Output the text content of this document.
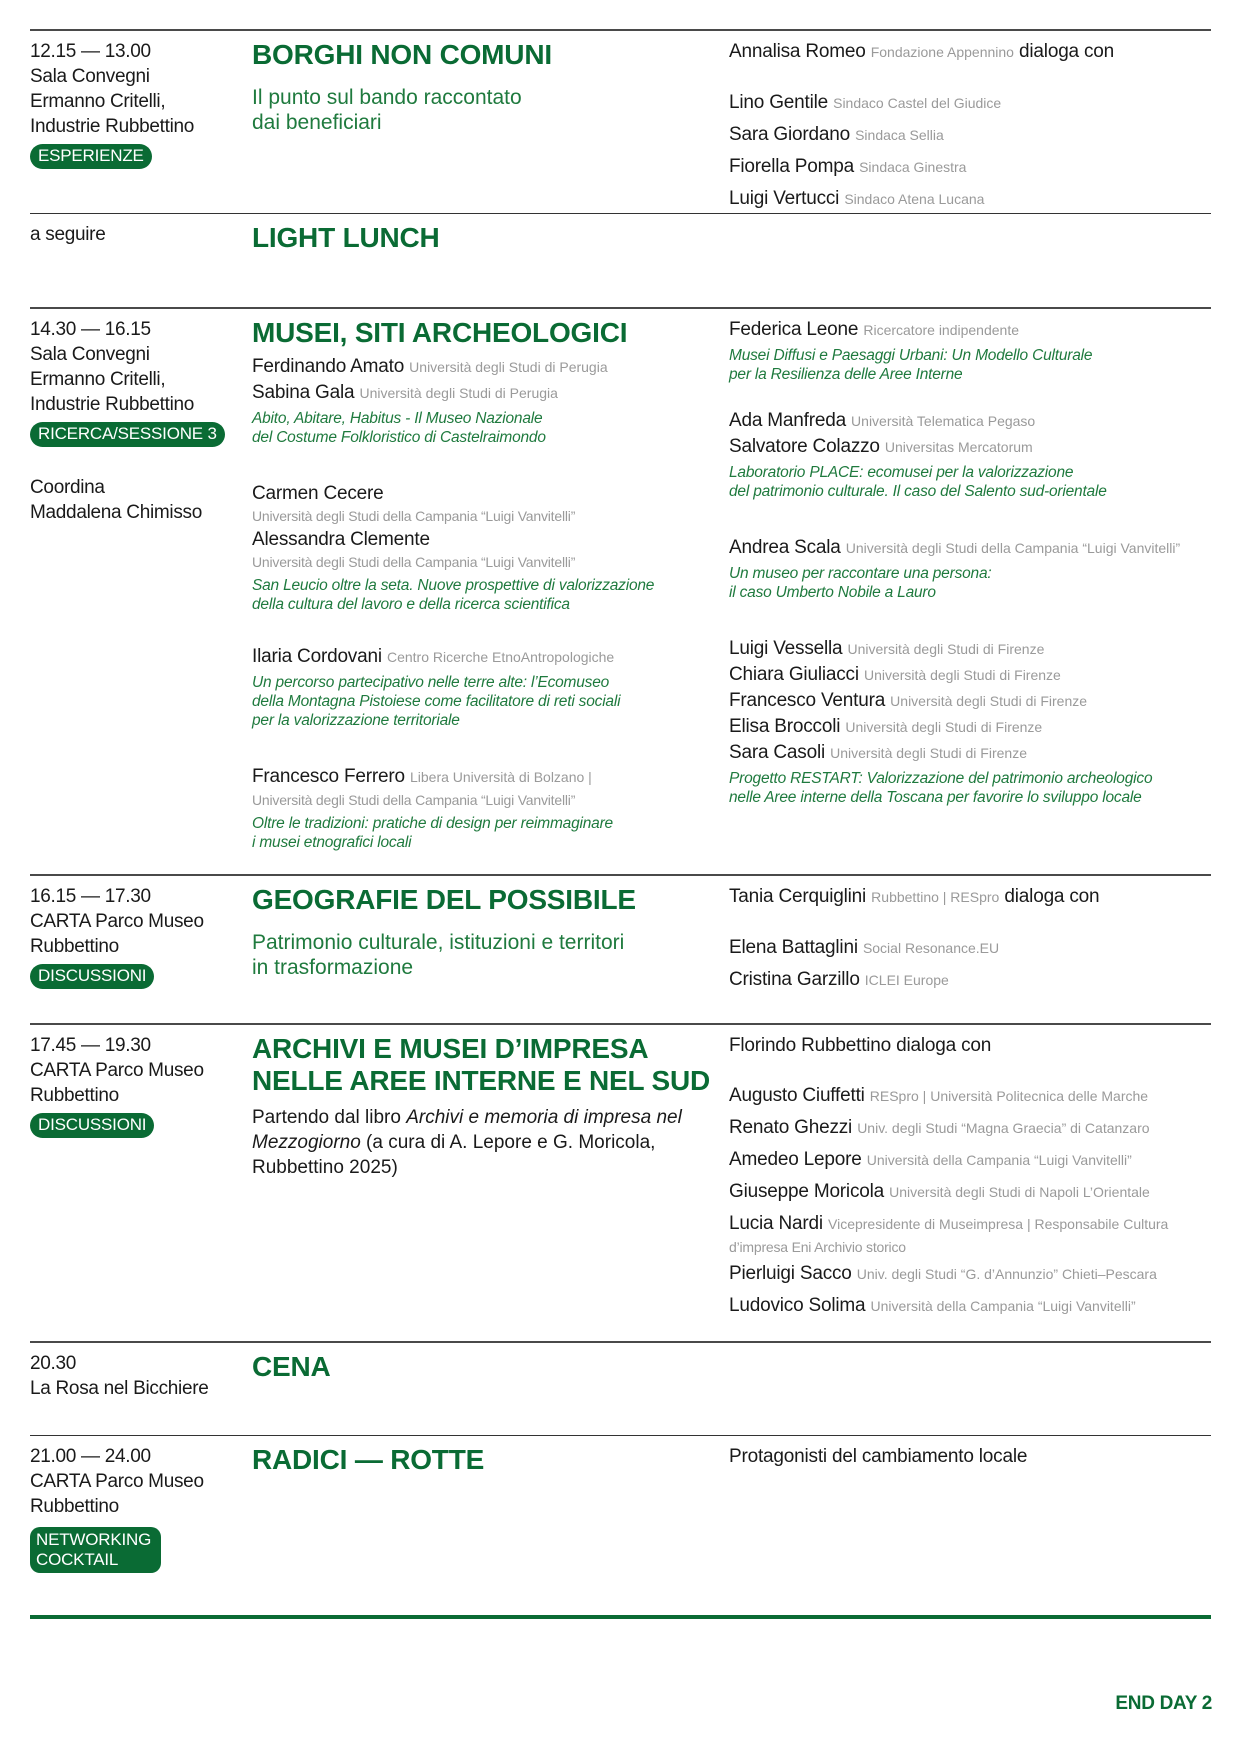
12.15 — 13.00
Sala Convegni
Ermanno Critelli,
Industrie Rubbettino
ESPERIENZE
BORGHI NON COMUNI
Il punto sul bando raccontato
dai beneficiari
Annalisa Romeo Fondazione Appennino dialoga con
Lino Gentile Sindaco Castel del Giudice
Sara Giordano Sindaca Sellia
Fiorella Pompa Sindaca Ginestra
Luigi Vertucci Sindaco Atena Lucana
a seguire	LIGHT LUNCH
14.30 — 16.15
Sala Convegni
Ermanno Critelli,
Industrie Rubbettino
RICERCA/SESSIONE 3
Coordina
Maddalena Chimisso
MUSEI, SITI ARCHEOLOGICI
Ferdinando Amato Università degli Studi di Perugia
Sabina Gala Università degli Studi di Perugia
Abito, Abitare, Habitus - Il Museo Nazionale
del Costume Folkloristico di Castelraimondo
Carmen Cecere
Università degli Studi della Campania “Luigi Vanvitelli”
Alessandra Clemente
Università degli Studi della Campania “Luigi Vanvitelli”
San Leucio oltre la seta. Nuove prospettive di valorizzazione
della cultura del lavoro e della ricerca scientifica
Ilaria Cordovani Centro Ricerche EtnoAntropologiche
Un percorso partecipativo nelle terre alte: l’Ecomuseo
della Montagna Pistoiese come facilitatore di reti sociali
per la valorizzazione territoriale
Francesco Ferrero Libera Università di Bolzano |
Università degli Studi della Campania “Luigi Vanvitelli”
Oltre le tradizioni: pratiche di design per reimmaginare
i musei etnografici locali
Federica Leone Ricercatore indipendente
Musei Diffusi e Paesaggi Urbani: Un Modello Culturale
per la Resilienza delle Aree Interne
Ada Manfreda Università Telematica Pegaso
Salvatore Colazzo Universitas Mercatorum
Laboratorio PLACE: ecomusei per la valorizzazione
del patrimonio culturale. Il caso del Salento sud-orientale
Andrea Scala Università degli Studi della Campania “Luigi Vanvitelli”
Un museo per raccontare una persona:
il caso Umberto Nobile a Lauro
Luigi Vessella Università degli Studi di Firenze
Chiara Giuliacci Università degli Studi di Firenze
Francesco Ventura Università degli Studi di Firenze
Elisa Broccoli Università degli Studi di Firenze
Sara Casoli Università degli Studi di Firenze
Progetto RESTART: Valorizzazione del patrimonio archeologico
nelle Aree interne della Toscana per favorire lo sviluppo locale
16.15 — 17.30
CARTA Parco Museo
Rubbettino
DISCUSSIONI
GEOGRAFIE DEL POSSIBILE
Patrimonio culturale, istituzioni e territori
in trasformazione
Tania Cerquiglini Rubbettino | RESpro dialoga con
Elena Battaglini Social Resonance.EU
Cristina Garzillo ICLEI Europe
17.45 — 19.30
CARTA Parco Museo
Rubbettino
DISCUSSIONI
ARCHIVI E MUSEI D’IMPRESA
NELLE AREE INTERNE E NEL SUD
Partendo dal libro Archivi e memoria di impresa nel Mezzogiorno (a cura di A. Lepore e G. Moricola, Rubbettino 2025)
Florindo Rubbettino dialoga con
Augusto Ciuffetti RESpro | Università Politecnica delle Marche
Renato Ghezzi Univ. degli Studi “Magna Graecia” di Catanzaro
Amedeo Lepore Università della Campania “Luigi Vanvitelli”
Giuseppe Moricola Università degli Studi di Napoli L’Orientale
Lucia Nardi Vicepresidente di Museimpresa | Responsabile Cultura
d’impresa Eni Archivio storico
Pierluigi Sacco Univ. degli Studi “G. d’Annunzio” Chieti–Pescara
Ludovico Solima Università della Campania “Luigi Vanvitelli”
20.30
La Rosa nel Bicchiere
CENA
21.00 — 24.00
CARTA Parco Museo
Rubbettino
NETWORKING
COCKTAIL
RADICI — ROTTE	Protagonisti del cambiamento locale
END DAY 2
